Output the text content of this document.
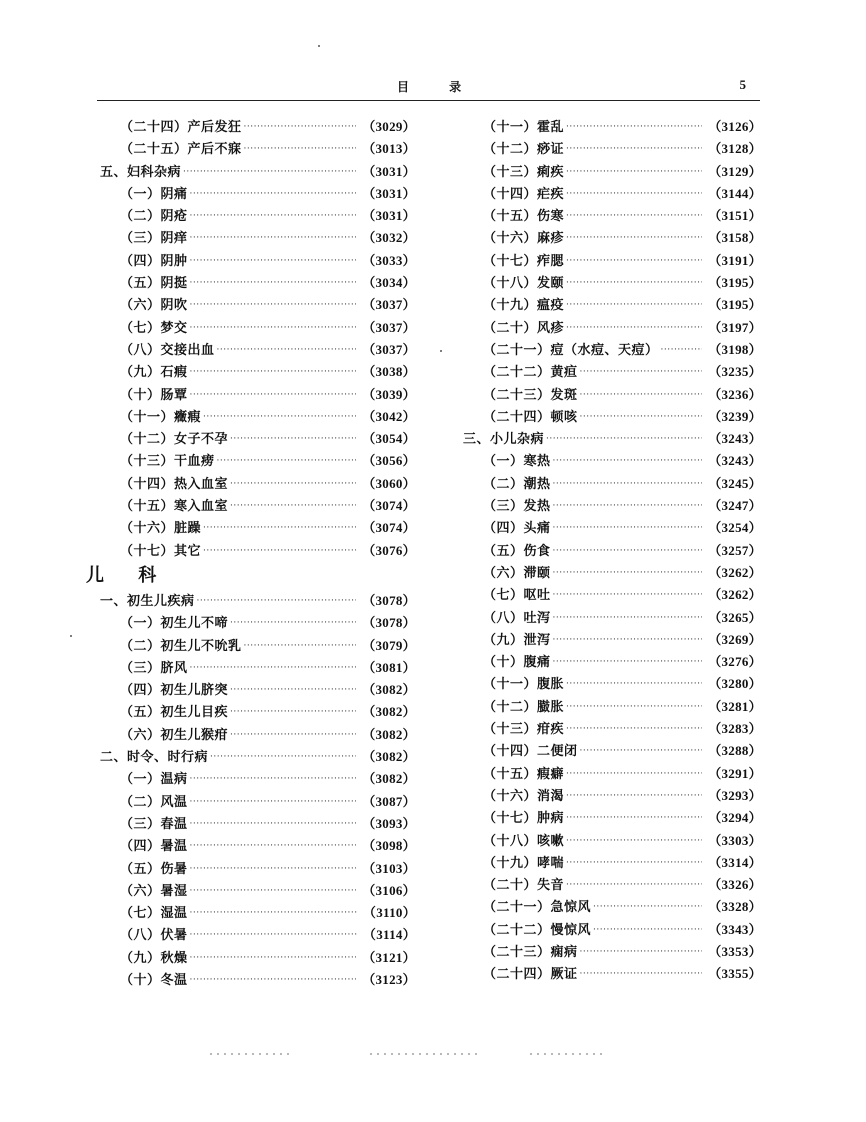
目 录	5
（二十四）产后发狂 ·····	（3029）
（二十五）产后不寐 ·····	（3013）
五、妇科杂病 ·····	（3031）
（一）阴痛 ·····	（3031）
（二）阴疮 ·····	（3031）
（三）阴痒 ·····	（3032）
（四）阴肿 ·····	（3033）
（五）阴挺 ·····	（3034）
（六）阴吹 ·····	（3037）
（七）梦交 ·····	（3037）
（八）交接出血 ·····	（3037）
（九）石瘕 ·····	（3038）
（十）肠覃 ·····	（3039）
（十一）癥瘕 ·····	（3042）
（十二）女子不孕 ·····	（3054）
（十三）干血痨 ·····	（3056）
（十四）热入血室 ·····	（3060）
（十五）寒入血室 ·····	（3074）
（十六）脏躁 ·····	（3074）
（十七）其它 ·····	（3076）
儿 科
一、初生儿疾病 ·····	（3078）
（一）初生儿不啼 ·····	（3078）
（二）初生儿不吮乳 ·····	（3079）
（三）脐风 ·····	（3081）
（四）初生儿脐突 ·····	（3082）
（五）初生儿目疾 ·····	（3082）
（六）初生儿猴疳 ·····	（3082）
二、时令、时行病 ·····	（3082）
（一）温病 ·····	（3082）
（二）风温 ·····	（3087）
（三）春温 ·····	（3093）
（四）暑温 ·····	（3098）
（五）伤暑 ·····	（3103）
（六）暑湿 ·····	（3106）
（七）湿温 ·····	（3110）
（八）伏暑 ·····	（3114）
（九）秋燥 ·····	（3121）
（十）冬温 ·····	（3123）
（十一）霍乱 ·····	（3126）
（十二）痧证 ·····	（3128）
（十三）痢疾 ·····	（3129）
（十四）疟疾 ·····	（3144）
（十五）伤寒 ·····	（3151）
（十六）麻疹 ·····	（3158）
（十七）痄腮 ·····	（3191）
（十八）发颐 ·····	（3195）
（十九）瘟疫 ·····	（3195）
（二十）风疹 ·····	（3197）
（二十一）痘（水痘、天痘） ·····	（3198）
（二十二）黄疸 ·····	（3235）
（二十三）发斑 ·····	（3236）
（二十四）顿咳 ·····	（3239）
三、小儿杂病 ·····	（3243）
（一）寒热 ·····	（3243）
（二）潮热 ·····	（3245）
（三）发热 ·····	（3247）
（四）头痛 ·····	（3254）
（五）伤食 ·····	（3257）
（六）滞颐 ·····	（3262）
（七）呕吐 ·····	（3262）
（八）吐泻 ·····	（3265）
（九）泄泻 ·····	（3269）
（十）腹痛 ·····	（3276）
（十一）腹胀 ·····	（3280）
（十二）臌胀 ·····	（3281）
（十三）疳疾 ·····	（3283）
（十四）二便闭 ·····	（3288）
（十五）瘕癖 ·····	（3291）
（十六）消渴 ·····	（3293）
（十七）肿病 ·····	（3294）
（十八）咳嗽 ·····	（3303）
（十九）哮喘 ·····	（3314）
（二十）失音 ·····	（3326）
（二十一）急惊风 ·····	（3328）
（二十二）慢惊风 ·····	（3343）
（二十三）痫病 ·····	（3353）
（二十四）厥证 ·····	（3355）
